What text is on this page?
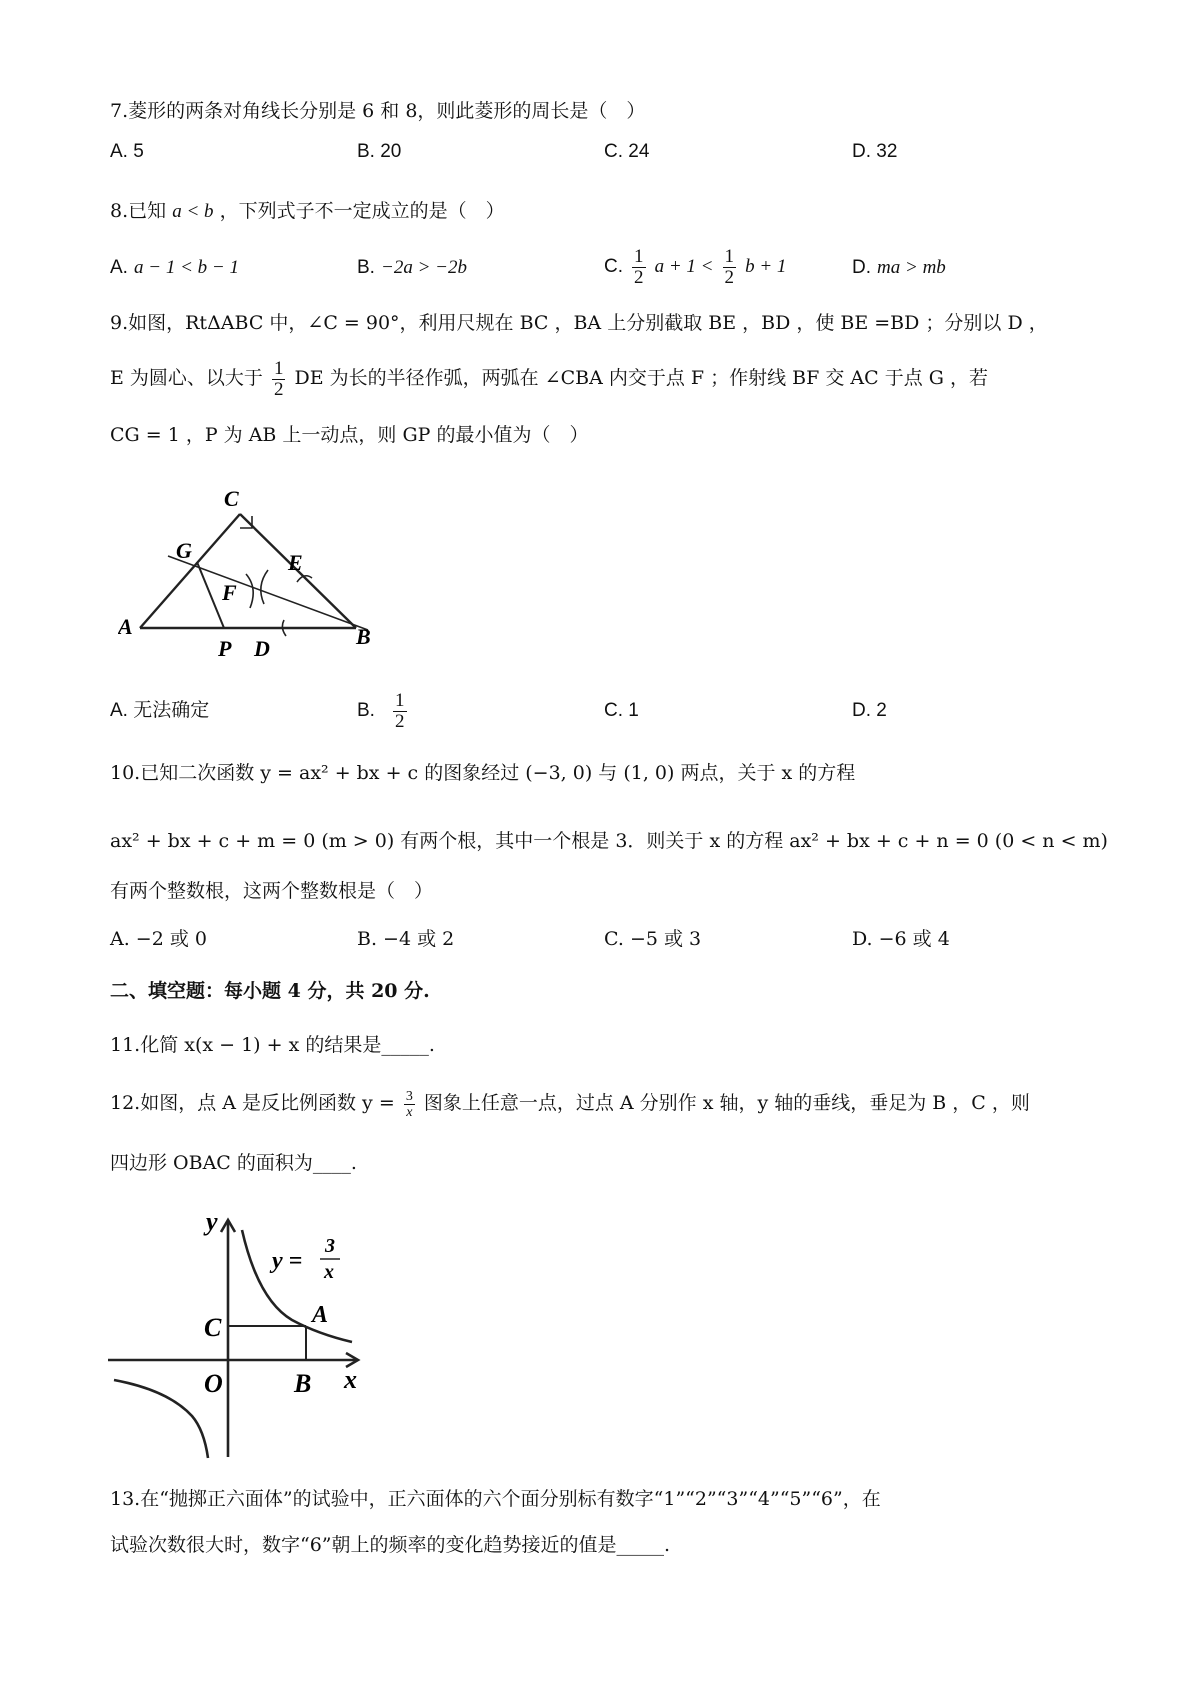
7.菱形的两条对角线长分别是 6 和 8，则此菱形的周长是（　）
A. 5	B. 20	C. 24	D. 32
8.已知 a < b ，下列式子不一定成立的是（　）
A. a − 1 < b − 1	B. −2a > −2b	C. $\frac{1}{2}$ $a + 1 < \frac{1}{2}$ b + 1	D. ma > mb
9.如图，RtΔABC 中，∠C = 90°，利用尺规在 BC ，BA 上分别截取 BE ，BD ，使 BE =BD ；分别以 D ，
E 为圆心、以大于 $\frac{1}{2}$ DE 为长的半径作弧，两弧在 ∠CBA 内交于点 F ；作射线 BF 交 AC 于点 G ，若
CG = 1 ，P 为 AB 上一动点，则 GP 的最小值为（　）
C
G	E
F
A
P D	B
A. 无法确定	B. $\frac{1}{2}$	C. 1	D. 2
10.已知二次函数 y = ax² + bx + c 的图象经过 (−3, 0) 与 (1, 0) 两点，关于 x 的方程
ax² + bx + c + m = 0 (m > 0) 有两个根，其中一个根是 3．则关于 x 的方程 ax² + bx + c + n = 0 (0 < n < m)
有两个整数根，这两个整数根是（　）
A. −2 或 0	B. −4 或 2	C. −5 或 3	D. −6 或 4
二、填空题：每小题 4 分，共 20 分.
11.化简 x(x − 1) + x 的结果是_____.
12.如图，点 A 是反比例函数 $y = \frac{3}{x}$ 图象上任意一点，过点 A 分别作 x 轴，y 轴的垂线，垂足为 B ，C ，则
四边形 OBAC 的面积为____.
y
x
C	A
O	B
y =
3
x
13.在“抛掷正六面体”的试验中，正六面体的六个面分别标有数字“1”“2”“3”“4”“5”“6”，在
试验次数很大时，数字“6”朝上的频率的变化趋势接近的值是_____.
